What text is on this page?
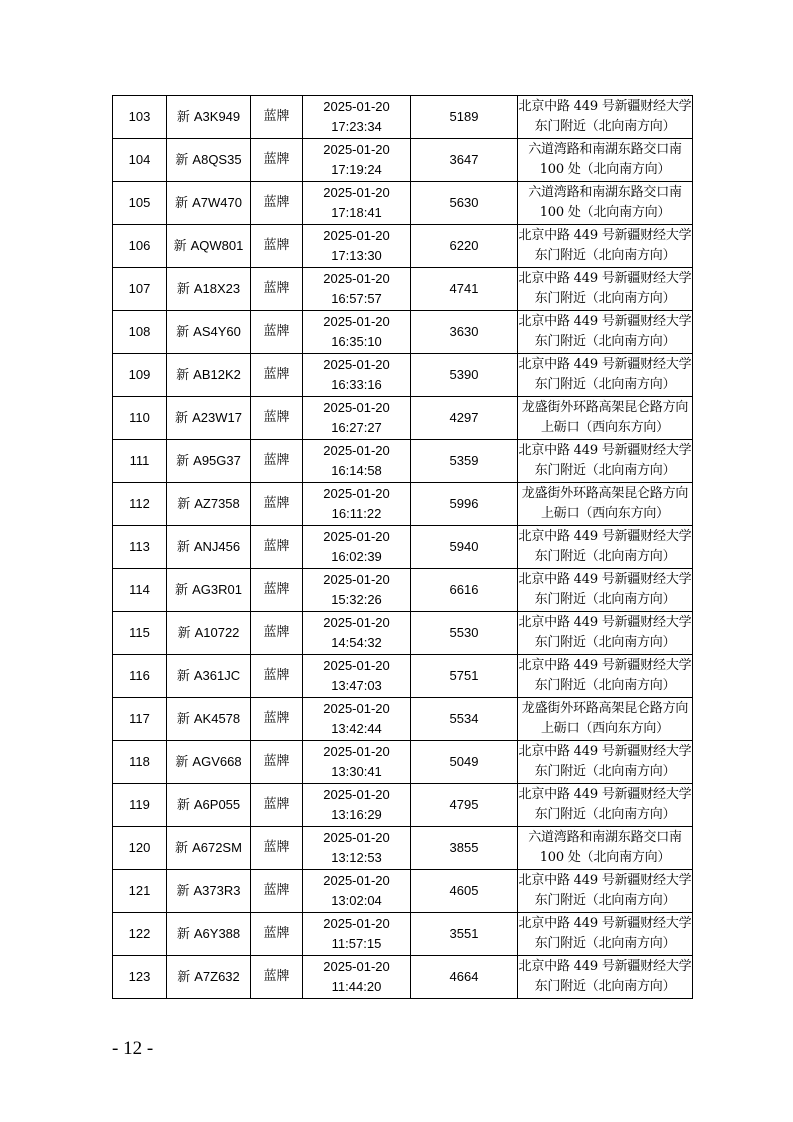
103	新 A3K949	蓝牌	2025-01-20
17:23:34	5189	北京中路 449 号新疆财经大学
东门附近（北向南方向）

104	新 A8QS35	蓝牌	2025-01-20
17:19:24	3647	六道湾路和南湖东路交口南
100 处（北向南方向）

105	新 A7W470	蓝牌	2025-01-20
17:18:41	5630	六道湾路和南湖东路交口南
100 处（北向南方向）

106	新 AQW801	蓝牌	2025-01-20
17:13:30	6220	北京中路 449 号新疆财经大学
东门附近（北向南方向）

107	新 A18X23	蓝牌	2025-01-20
16:57:57	4741	北京中路 449 号新疆财经大学
东门附近（北向南方向）

108	新 AS4Y60	蓝牌	2025-01-20
16:35:10	3630	北京中路 449 号新疆财经大学
东门附近（北向南方向）

109	新 AB12K2	蓝牌	2025-01-20
16:33:16	5390	北京中路 449 号新疆财经大学
东门附近（北向南方向）

110	新 A23W17	蓝牌	2025-01-20
16:27:27	4297	龙盛街外环路高架昆仑路方向
上砺口（西向东方向）

111	新 A95G37	蓝牌	2025-01-20
16:14:58	5359	北京中路 449 号新疆财经大学
东门附近（北向南方向）

112	新 AZ7358	蓝牌	2025-01-20
16:11:22	5996	龙盛街外环路高架昆仑路方向
上砺口（西向东方向）

113	新 ANJ456	蓝牌	2025-01-20
16:02:39	5940	北京中路 449 号新疆财经大学
东门附近（北向南方向）

114	新 AG3R01	蓝牌	2025-01-20
15:32:26	6616	北京中路 449 号新疆财经大学
东门附近（北向南方向）

115	新 A10722	蓝牌	2025-01-20
14:54:32	5530	北京中路 449 号新疆财经大学
东门附近（北向南方向）

116	新 A361JC	蓝牌	2025-01-20
13:47:03	5751	北京中路 449 号新疆财经大学
东门附近（北向南方向）

117	新 AK4578	蓝牌	2025-01-20
13:42:44	5534	龙盛街外环路高架昆仑路方向
上砺口（西向东方向）

118	新 AGV668	蓝牌	2025-01-20
13:30:41	5049	北京中路 449 号新疆财经大学
东门附近（北向南方向）

119	新 A6P055	蓝牌	2025-01-20
13:16:29	4795	北京中路 449 号新疆财经大学
东门附近（北向南方向）

120	新 A672SM	蓝牌	2025-01-20
13:12:53	3855	六道湾路和南湖东路交口南
100 处（北向南方向）

121	新 A373R3	蓝牌	2025-01-20
13:02:04	4605	北京中路 449 号新疆财经大学
东门附近（北向南方向）

122	新 A6Y388	蓝牌	2025-01-20
11:57:15	3551	北京中路 449 号新疆财经大学
东门附近（北向南方向）

123	新 A7Z632	蓝牌	2025-01-20
11:44:20	4664	北京中路 449 号新疆财经大学
东门附近（北向南方向）
- 12 -
